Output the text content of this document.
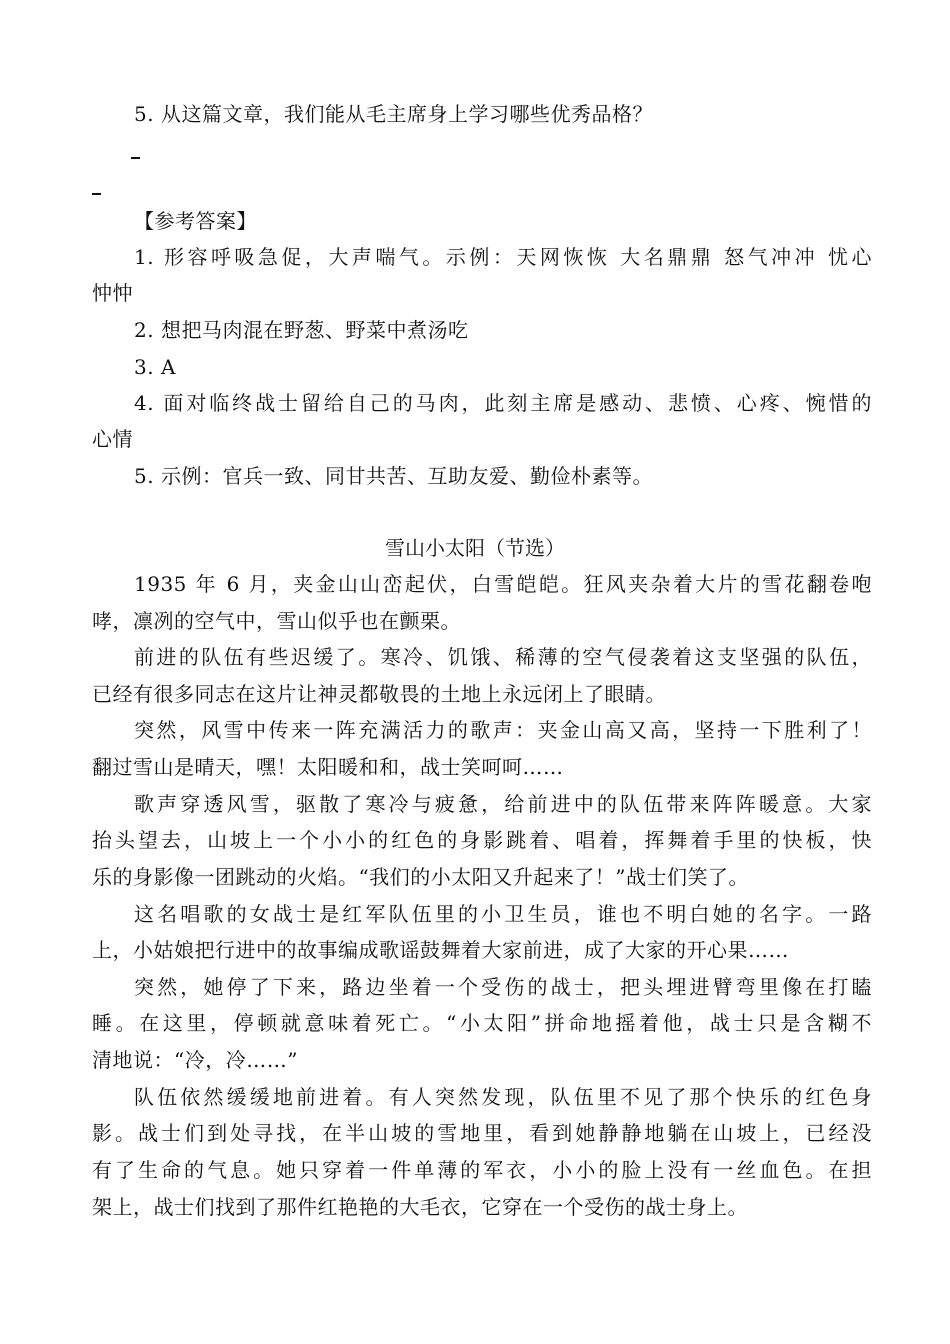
5. 从这篇文章，我们能从毛主席身上学习哪些优秀品格？
【参考答案】
1. 形容呼吸急促，大声喘气。示例：天网恢恢 大名鼎鼎 怒气冲冲 忧心
忡忡
2. 想把马肉混在野葱、野菜中煮汤吃
3. A
4. 面对临终战士留给自己的马肉，此刻主席是感动、悲愤、心疼、惋惜的
心情
5. 示例：官兵一致、同甘共苦、互助友爱、勤俭朴素等。
雪山小太阳（节选）
1935 年 6 月，夹金山山峦起伏，白雪皑皑。狂风夹杂着大片的雪花翻卷咆
哮，凛冽的空气中，雪山似乎也在颤栗。
前进的队伍有些迟缓了。寒冷、饥饿、稀薄的空气侵袭着这支坚强的队伍，
已经有很多同志在这片让神灵都敬畏的土地上永远闭上了眼睛。
突然，风雪中传来一阵充满活力的歌声：夹金山高又高，坚持一下胜利了！
翻过雪山是晴天，嘿！太阳暖和和，战士笑呵呵……
歌声穿透风雪，驱散了寒冷与疲惫，给前进中的队伍带来阵阵暖意。大家
抬头望去，山坡上一个小小的红色的身影跳着、唱着，挥舞着手里的快板，快
乐的身影像一团跳动的火焰。“我们的小太阳又升起来了！”战士们笑了。
这名唱歌的女战士是红军队伍里的小卫生员，谁也不明白她的名字。一路
上，小姑娘把行进中的故事编成歌谣鼓舞着大家前进，成了大家的开心果……
突然，她停了下来，路边坐着一个受伤的战士，把头埋进臂弯里像在打瞌
睡。在这里，停顿就意味着死亡。“小太阳”拼命地摇着他，战士只是含糊不
清地说：“冷，冷……”
队伍依然缓缓地前进着。有人突然发现，队伍里不见了那个快乐的红色身
影。战士们到处寻找，在半山坡的雪地里，看到她静静地躺在山坡上，已经没
有了生命的气息。她只穿着一件单薄的军衣，小小的脸上没有一丝血色。在担
架上，战士们找到了那件红艳艳的大毛衣，它穿在一个受伤的战士身上。
